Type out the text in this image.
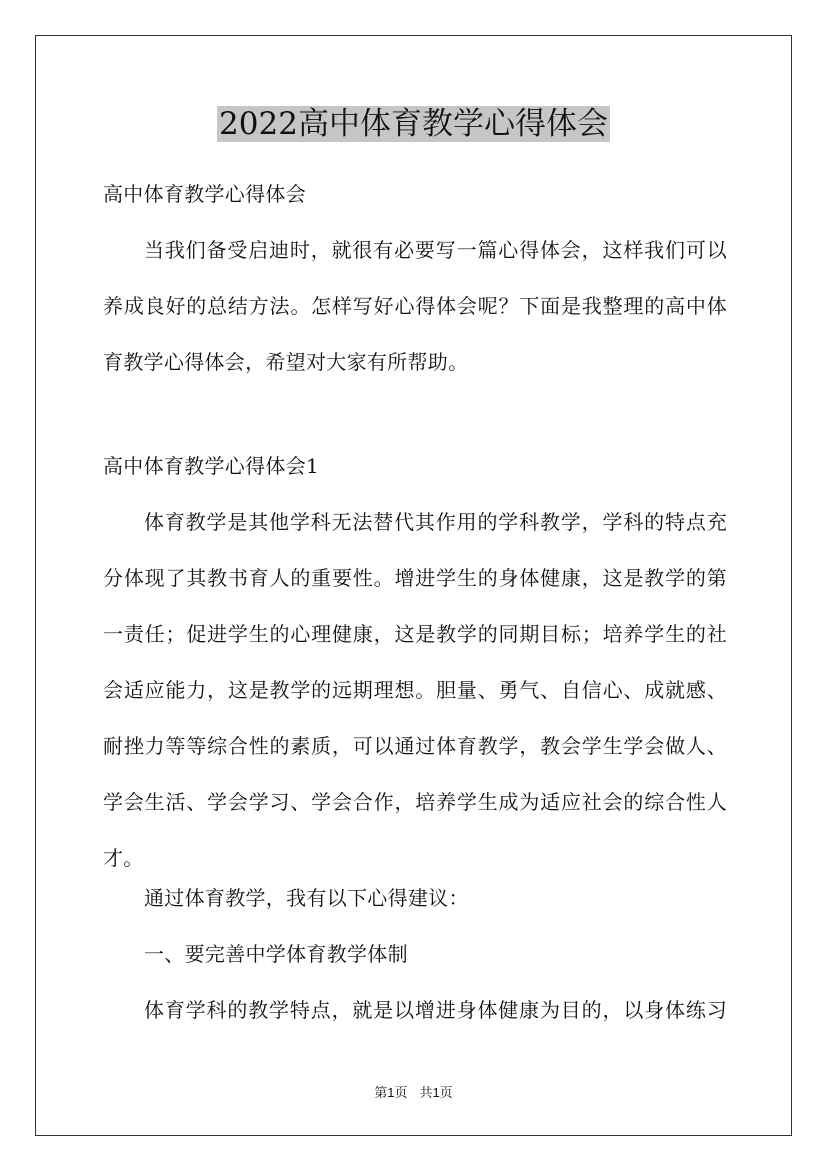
2022高中体育教学心得体会
高中体育教学心得体会
当我们备受启迪时，就很有必要写一篇心得体会，这样我们可以
养成良好的总结方法。怎样写好心得体会呢？下面是我整理的高中体
育教学心得体会，希望对大家有所帮助。
高中体育教学心得体会1
体育教学是其他学科无法替代其作用的学科教学，学科的特点充
分体现了其教书育人的重要性。增进学生的身体健康，这是教学的第
一责任；促进学生的心理健康，这是教学的同期目标；培养学生的社
会适应能力，这是教学的远期理想。胆量、勇气、自信心、成就感、
耐挫力等等综合性的素质，可以通过体育教学，教会学生学会做人、
学会生活、学会学习、学会合作，培养学生成为适应社会的综合性人
才。
通过体育教学，我有以下心得建议：
一、要完善中学体育教学体制
体育学科的教学特点，就是以增进身体健康为目的，以身体练习
第1页 共1页
